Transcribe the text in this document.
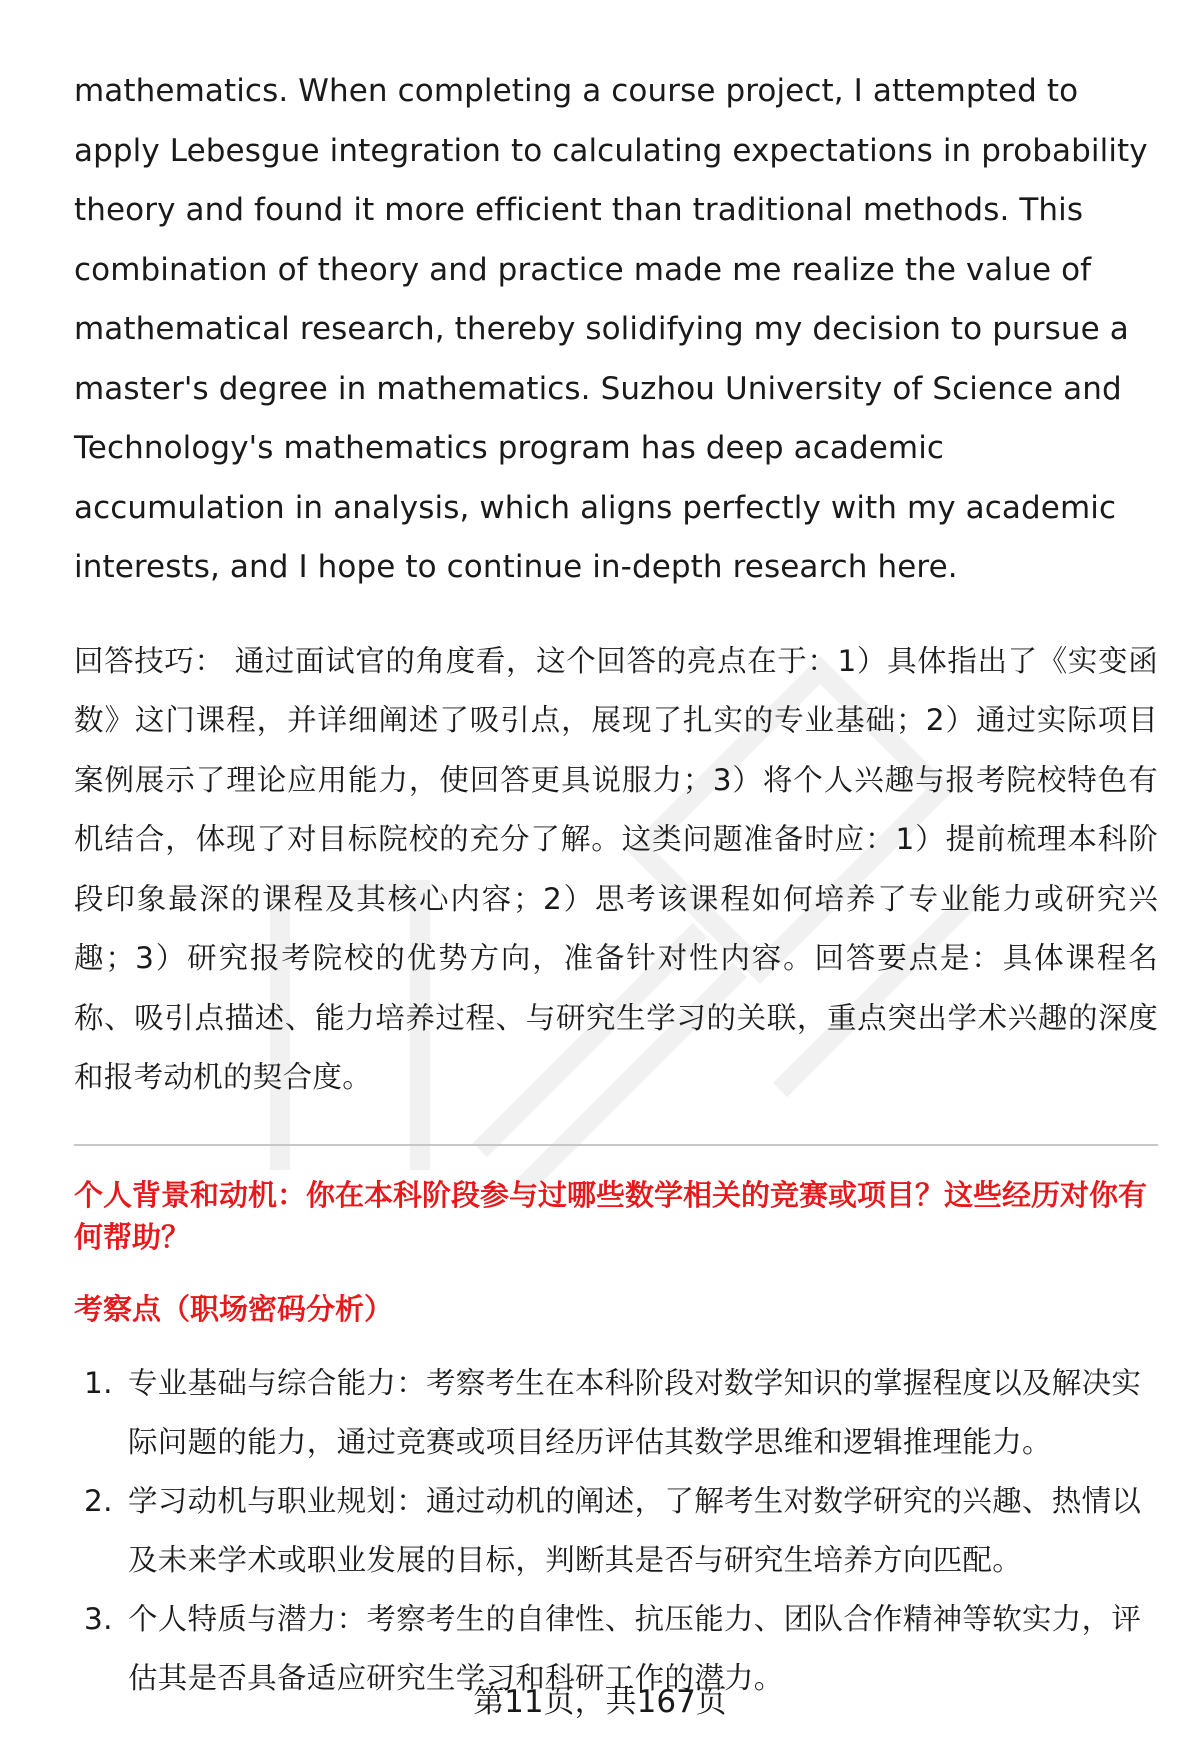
mathematics. When completing a course project, I attempted to apply Lebesgue integration to calculating expectations in probability theory and found it more efficient than traditional methods. This combination of theory and practice made me realize the value of mathematical research, thereby solidifying my decision to pursue a master's degree in mathematics. Suzhou University of Science and Technology's mathematics program has deep academic accumulation in analysis, which aligns perfectly with my academic interests, and I hope to continue in-depth research here.

回答技巧： 通过面试官的角度看，这个回答的亮点在于：1）具体指出了《实变函数》这门课程，并详细阐述了吸引点，展现了扎实的专业基础；2）通过实际项目案例展示了理论应用能力，使回答更具说服力；3）将个人兴趣与报考院校特色有机结合，体现了对目标院校的充分了解。这类问题准备时应：1）提前梳理本科阶段印象最深的课程及其核心内容；2）思考该课程如何培养了专业能力或研究兴趣；3）研究报考院校的优势方向，准备针对性内容。回答要点是：具体课程名称、吸引点描述、能力培养过程、与研究生学习的关联，重点突出学术兴趣的深度和报考动机的契合度。

个人背景和动机：你在本科阶段参与过哪些数学相关的竞赛或项目？这些经历对你有何帮助？
考察点（职场密码分析）
1. 专业基础与综合能力：考察考生在本科阶段对数学知识的掌握程度以及解决实际问题的能力，通过竞赛或项目经历评估其数学思维和逻辑推理能力。
2. 学习动机与职业规划：通过动机的阐述，了解考生对数学研究的兴趣、热情以及未来学术或职业发展的目标，判断其是否与研究生培养方向匹配。
3. 个人特质与潜力：考察考生的自律性、抗压能力、团队合作精神等软实力，评估其是否具备适应研究生学习和科研工作的潜力。
第11页，共167页
